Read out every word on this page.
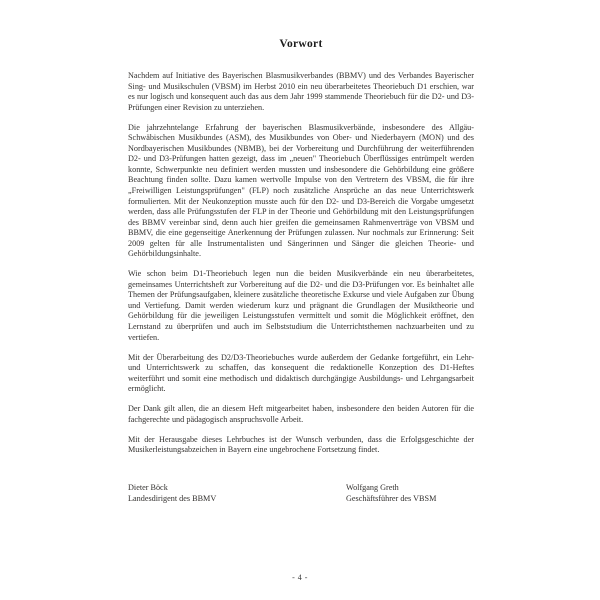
Vorwort

Nachdem auf Initiative des Bayerischen Blasmusikverbandes (BBMV) und des Verbandes Bayerischer Sing- und Musikschulen (VBSM) im Herbst 2010 ein neu überarbeitetes Theoriebuch D1 erschien, war es nur logisch und konsequent auch das aus dem Jahr 1999 stammende Theoriebuch für die D2- und D3-Prüfungen einer Revision zu unterziehen.

Die jahrzehntelange Erfahrung der bayerischen Blasmusikverbände, insbesondere des Allgäu-Schwäbischen Musikbundes (ASM), des Musikbundes von Ober- und Niederbayern (MON) und des Nordbayerischen Musikbundes (NBMB), bei der Vorbereitung und Durchführung der weiterführenden D2- und D3-Prüfungen hatten gezeigt, dass im „neuen" Theoriebuch Überflüssiges entrümpelt werden konnte, Schwerpunkte neu definiert werden mussten und insbesondere die Gehörbildung eine größere Beachtung finden sollte. Dazu kamen wertvolle Impulse von den Vertretern des VBSM, die für ihre „Freiwilligen Leistungsprüfungen" (FLP) noch zusätzliche Ansprüche an das neue Unterrichtswerk formulierten. Mit der Neukonzeption musste auch für den D2- und D3-Bereich die Vorgabe umgesetzt werden, dass alle Prüfungsstufen der FLP in der Theorie und Gehörbildung mit den Leistungsprüfungen des BBMV vereinbar sind, denn auch hier greifen die gemeinsamen Rahmenverträge von VBSM und BBMV, die eine gegenseitige Anerkennung der Prüfungen zulassen. Nur nochmals zur Erinnerung: Seit 2009 gelten für alle Instrumentalisten und Sängerinnen und Sänger die gleichen Theorie- und Gehörbildungsinhalte.

Wie schon beim D1-Theoriebuch legen nun die beiden Musikverbände ein neu überarbeitetes, gemeinsames Unterrichtsheft zur Vorbereitung auf die D2- und die D3-Prüfungen vor. Es beinhaltet alle Themen der Prüfungsaufgaben, kleinere zusätzliche theoretische Exkurse und viele Aufgaben zur Übung und Vertiefung. Damit werden wiederum kurz und prägnant die Grundlagen der Musiktheorie und Gehörbildung für die jeweiligen Leistungsstufen vermittelt und somit die Möglichkeit eröffnet, den Lernstand zu überprüfen und auch im Selbststudium die Unterrichtsthemen nachzuarbeiten und zu vertiefen.

Mit der Überarbeitung des D2/D3-Theoriebuches wurde außerdem der Gedanke fortgeführt, ein Lehr- und Unterrichtswerk zu schaffen, das konsequent die redaktionelle Konzeption des D1-Heftes weiterführt und somit eine methodisch und didaktisch durchgängige Ausbildungs- und Lehrgangsarbeit ermöglicht.

Der Dank gilt allen, die an diesem Heft mitgearbeitet haben, insbesondere den beiden Autoren für die fachgerechte und pädagogisch anspruchsvolle Arbeit.

Mit der Herausgabe dieses Lehrbuches ist der Wunsch verbunden, dass die Erfolgsgeschichte der Musikerleistungsabzeichen in Bayern eine ungebrochene Fortsetzung findet.

Dieter Böck
Landesdirigent des BBMV
Wolfgang Greth
Geschäftsführer des VBSM
- 4 -
